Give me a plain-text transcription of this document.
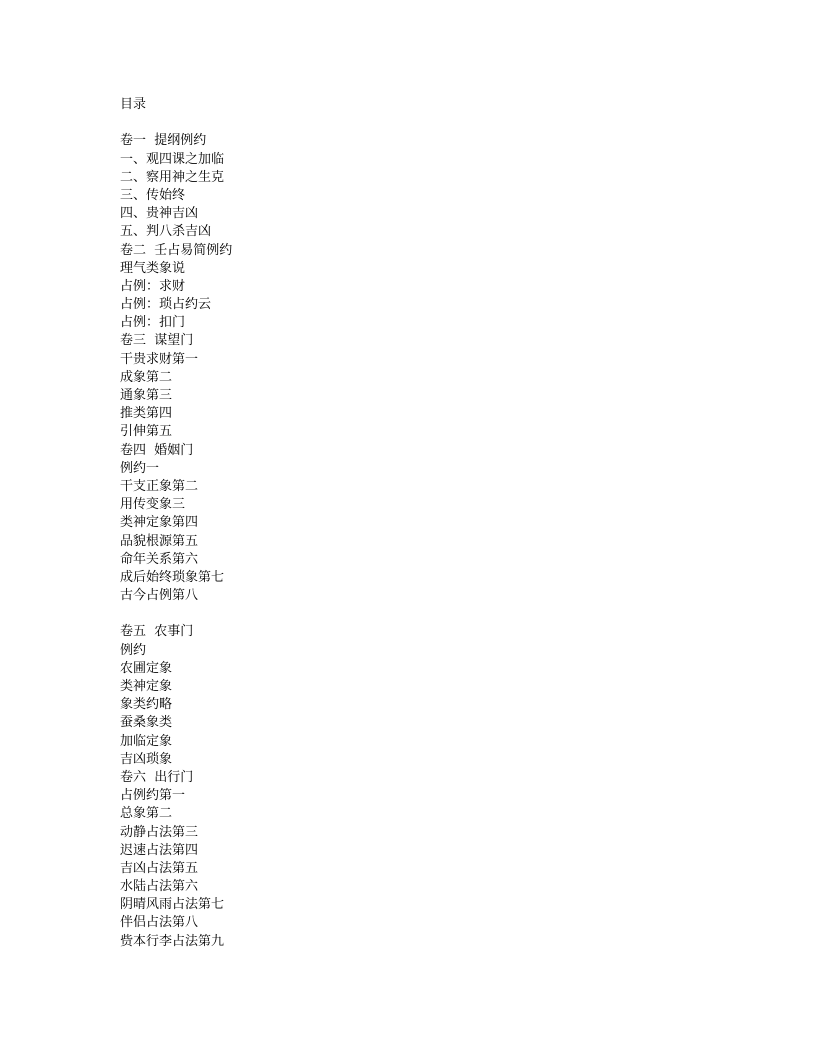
目录
卷一  提纲例约
一、观四课之加临
二、察用神之生克
三、传始终
四、贵神吉凶
五、判八杀吉凶
卷二  壬占易简例约
理气类象说
占例：求财
占例：琐占约云
占例：扣门
卷三  谋望门
干贵求财第一
成象第二
通象第三
推类第四
引伸第五
卷四  婚姻门
例约一
干支正象第二
用传变象三
类神定象第四
品貌根源第五
命年关系第六
成后始终琐象第七
古今占例第八
卷五  农事门
例约
农圃定象
类神定象
象类约略
蚕桑象类
加临定象
吉凶琐象
卷六  出行门
占例约第一
总象第二
动静占法第三
迟速占法第四
吉凶占法第五
水陆占法第六
阴晴风雨占法第七
伴侣占法第八
赀本行李占法第九
